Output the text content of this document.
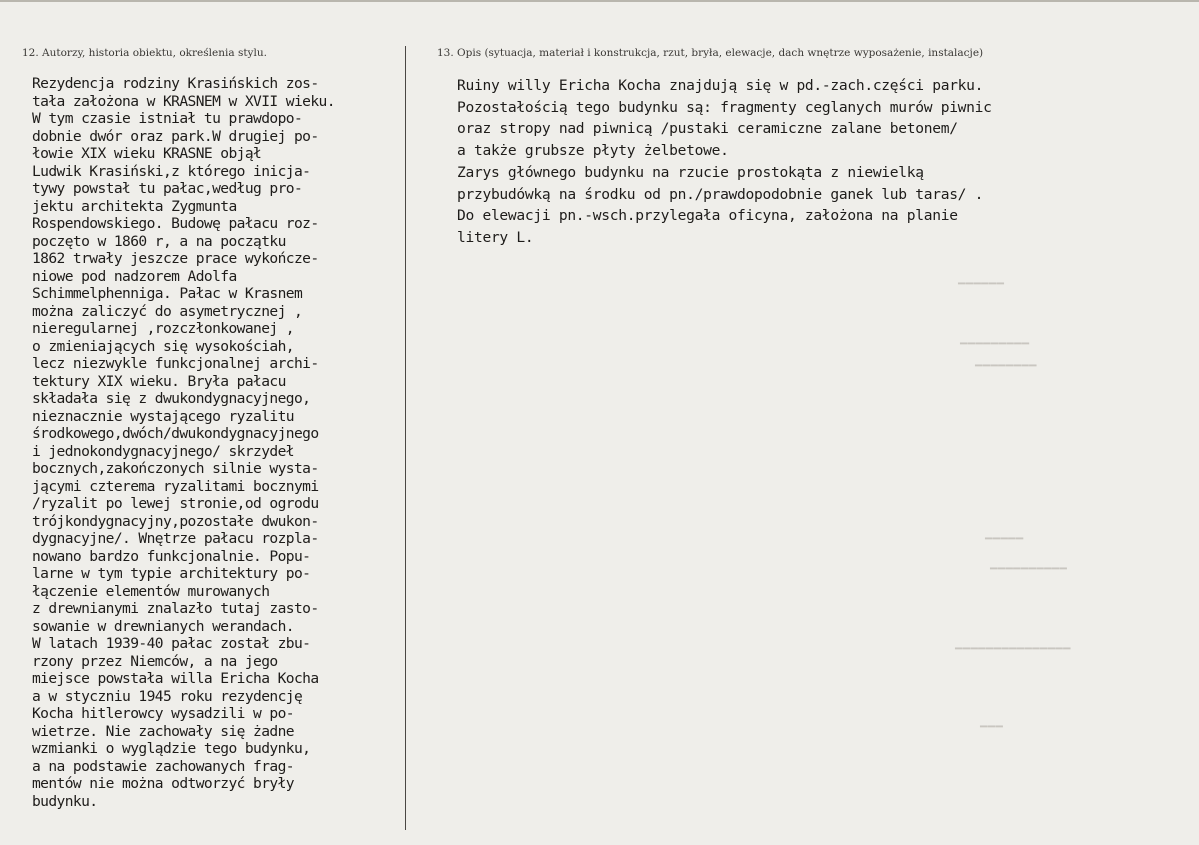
12. Autorzy, historia obiektu, określenia stylu.	13. Opis (sytuacja, materiał i konstrukcja, rzut, bryła, elewacje, dach wnętrze wyposażenie, instalacje)
Rezydencja rodziny Krasińskich zos-
tała założona w KRASNEM w XVII wieku.
W tym czasie istniał tu prawdopo-
dobnie dwór oraz park.W drugiej po-
łowie XIX wieku KRASNE objął
Ludwik Krasiński,z którego inicja-
tywy powstał tu pałac,według pro-
jektu architekta Zygmunta
Rospendowskiego. Budowę pałacu roz-
poczęto w 1860 r, a na początku
1862 trwały jeszcze prace wykończe-
niowe pod nadzorem Adolfa
Schimmelphenniga. Pałac w Krasnem
można zaliczyć do asymetrycznej ,
nieregularnej ,rozczłonkowanej ,
o zmieniających się wysokościah,
lecz niezwykle funkcjonalnej archi-
tektury XIX wieku. Bryła pałacu
składała się z dwukondygnacyjnego,
nieznacznie wystającego ryzalitu
środkowego,dwóch/dwukondygnacyjnego
i jednokondygnacyjnego/ skrzydeł
bocznych,zakończonych silnie wysta-
jącymi czterema ryzalitami bocznymi
/ryzalit po lewej stronie,od ogrodu
trójkondygnacyjny,pozostałe dwukon-
dygnacyjne/. Wnętrze pałacu rozpla-
nowano bardzo funkcjonalnie. Popu-
larne w tym typie architektury po-
łączenie elementów murowanych
z drewnianymi znalazło tutaj zasto-
sowanie w drewnianych werandach.
W latach 1939-40 pałac został zbu-
rzony przez Niemców, a na jego
miejsce powstała willa Ericha Kocha
a w styczniu 1945 roku rezydencję
Kocha hitlerowcy wysadzili w po-
wietrze. Nie zachowały się żadne
wzmianki o wyglądzie tego budynku,
a na podstawie zachowanych frag-
mentów nie można odtworzyć bryły
budynku.
Ruiny willy Ericha Kocha znajdują się w pd.-zach.części parku.
Pozostałością tego budynku są: fragmenty ceglanych murów piwnic
oraz stropy nad piwnicą /pustaki ceramiczne zalane betonem/
a także grubsze płyty żelbetowe.
Zarys głównego budynku na rzucie prostokąta z niewielką
przybudówką na środku od pn./prawdopodobnie ganek lub taras/ .
Do elewacji pn.-wsch.przylegała oficyna, założona na planie
litery L.
▔▔▔▔▔▔
▔▔▔▔▔▔▔▔▔
▔▔▔▔▔▔▔▔
▔▔▔▔▔
▔▔▔▔▔▔▔▔▔▔
▔▔▔▔▔▔▔▔▔▔▔▔▔▔▔
▔▔▔
